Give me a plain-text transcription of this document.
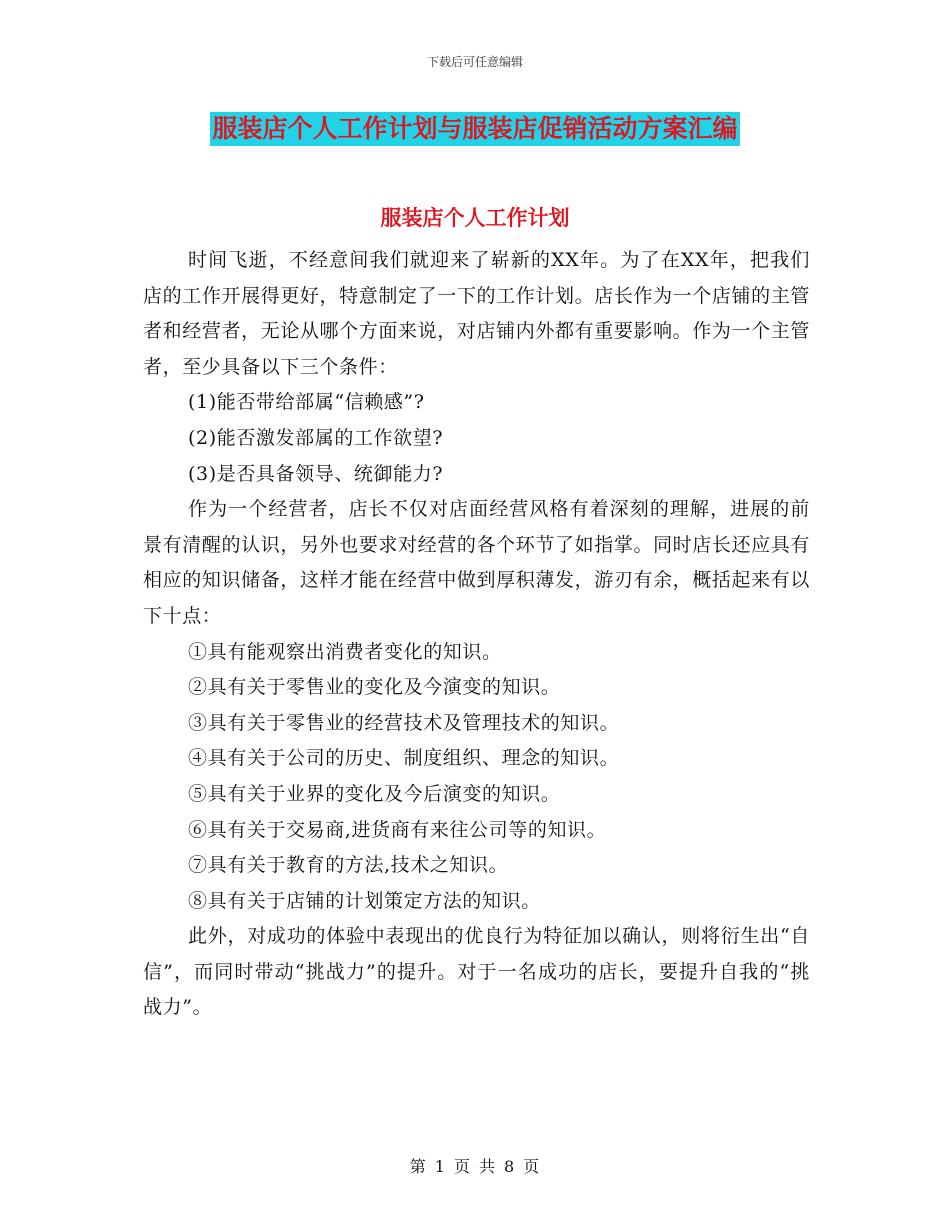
下载后可任意编辑
服装店个人工作计划与服装店促销活动方案汇编
服装店个人工作计划

时间飞逝，不经意间我们就迎来了崭新的XX年。为了在XX年，把我们店的工作开展得更好，特意制定了一下的工作计划。店长作为一个店铺的主管者和经营者，无论从哪个方面来说，对店铺内外都有重要影响。作为一个主管者，至少具备以下三个条件：

(1)能否带给部属“信赖感”?

(2)能否激发部属的工作欲望?

(3)是否具备领导、统御能力?

作为一个经营者，店长不仅对店面经营风格有着深刻的理解，进展的前景有清醒的认识，另外也要求对经营的各个环节了如指掌。同时店长还应具有相应的知识储备，这样才能在经营中做到厚积薄发，游刃有余，概括起来有以下十点：

①具有能观察出消费者变化的知识。

②具有关于零售业的变化及今演变的知识。

③具有关于零售业的经营技术及管理技术的知识。

④具有关于公司的历史、制度组织、理念的知识。

⑤具有关于业界的变化及今后演变的知识。

⑥具有关于交易商,进货商有来往公司等的知识。

⑦具有关于教育的方法,技术之知识。

⑧具有关于店铺的计划策定方法的知识。

此外，对成功的体验中表现出的优良行为特征加以确认，则将衍生出“自信”，而同时带动“挑战力”的提升。对于一名成功的店长，要提升自我的“挑战力”。

第 1 页 共 8 页
